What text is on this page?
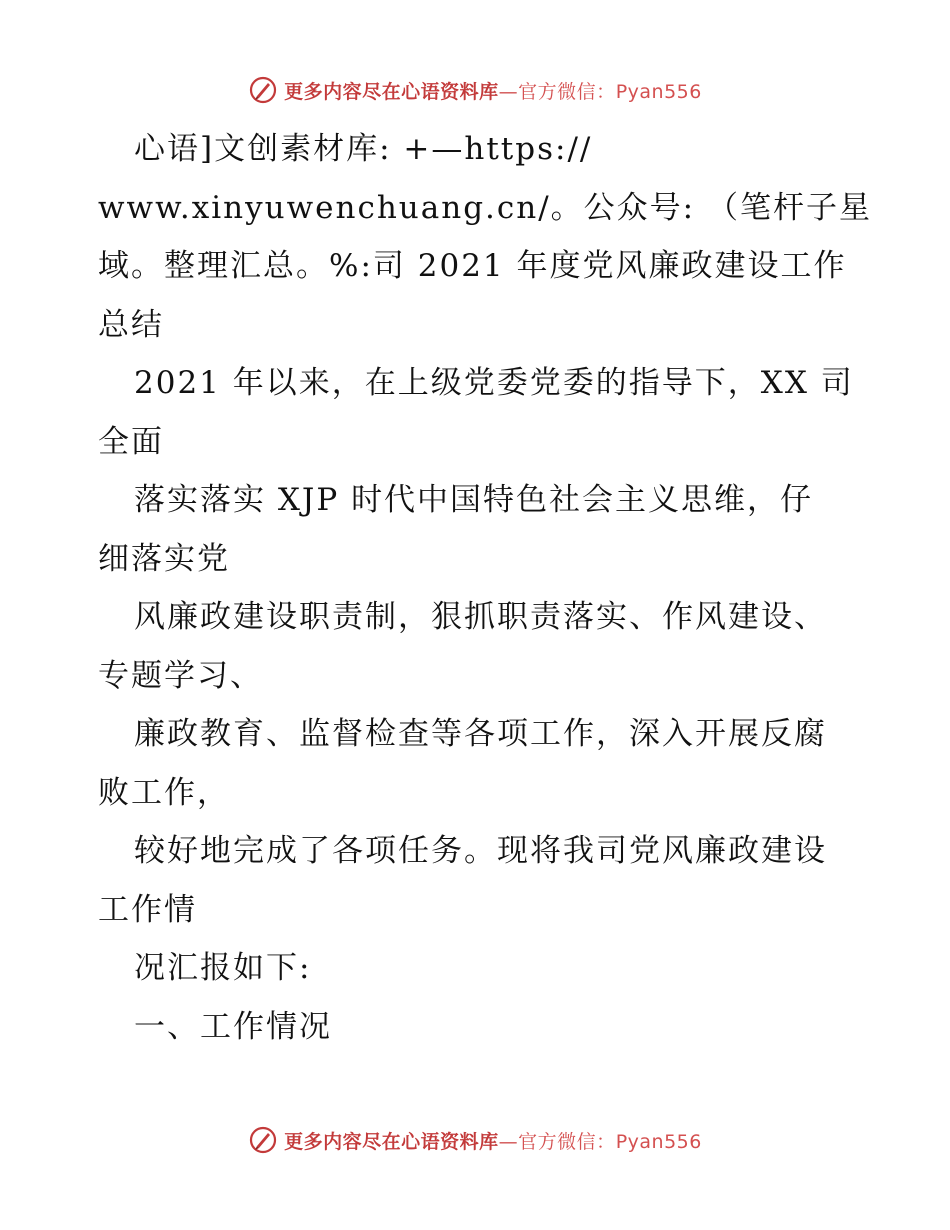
更多内容尽在心语资料库—官方微信：Pyan556
心语]文创素材库: +—https://
www.xinyuwenchuang.cn/。公众号: （笔杆子星
域。整理汇总。%:司 2021 年度党风廉政建设工作
总结
2021 年以来，在上级党委党委的指导下，XX 司
全面
落实落实 XJP 时代中国特色社会主义思维，仔
细落实党
风廉政建设职责制，狠抓职责落实、作风建设、
专题学习、
廉政教育、监督检查等各项工作，深入开展反腐
败工作，
较好地完成了各项任务。现将我司党风廉政建设
工作情
况汇报如下:
一、工作情况
更多内容尽在心语资料库—官方微信：Pyan556
